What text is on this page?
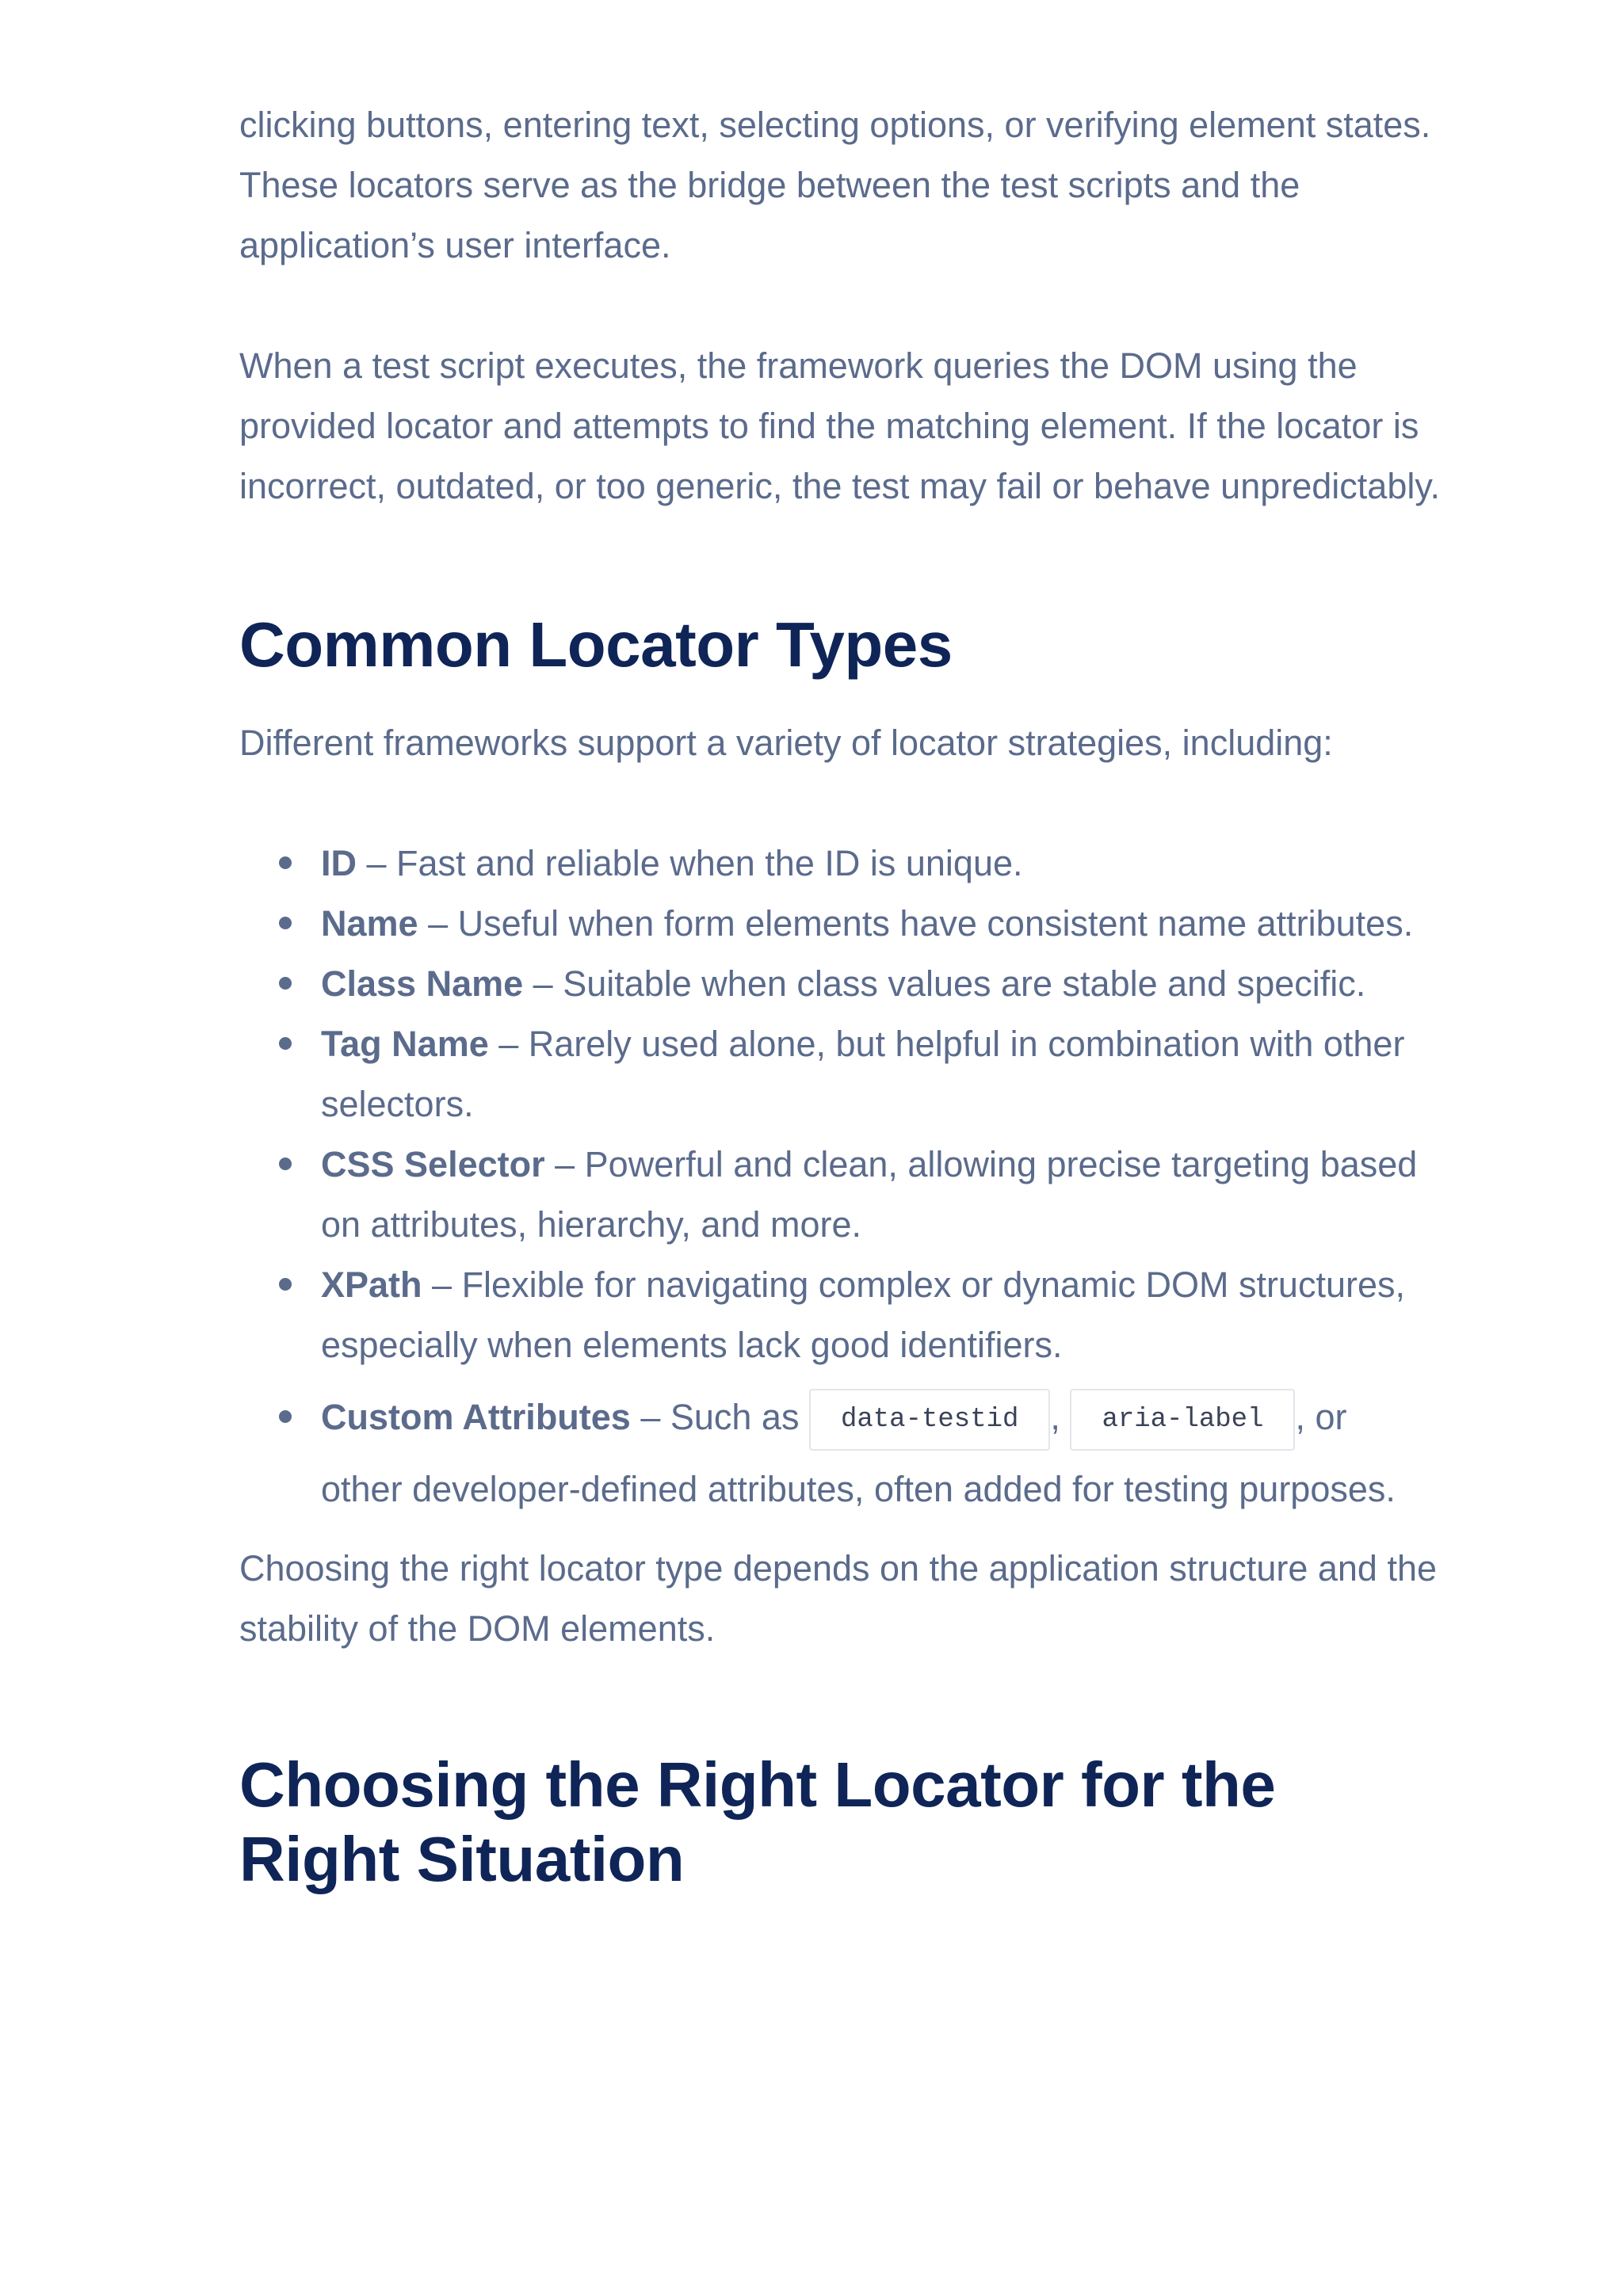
clicking buttons, entering text, selecting options, or verifying element states. These locators serve as the bridge between the test scripts and the application’s user interface.

When a test script executes, the framework queries the DOM using the provided locator and attempts to find the matching element. If the locator is incorrect, outdated, or too generic, the test may fail or behave unpredictably.

Common Locator Types

Different frameworks support a variety of locator strategies, including:

ID – Fast and reliable when the ID is unique.
Name – Useful when form elements have consistent name attributes.
Class Name – Suitable when class values are stable and specific.
Tag Name – Rarely used alone, but helpful in combination with other selectors.
CSS Selector – Powerful and clean, allowing precise targeting based on attributes, hierarchy, and more.
XPath – Flexible for navigating complex or dynamic DOM structures, especially when elements lack good identifiers.
Custom Attributes – Such as data-testid , aria-label , or
other developer-defined attributes, often added for testing purposes.

Choosing the right locator type depends on the application structure and the stability of the DOM elements.

Choosing the Right Locator for the Right Situation
